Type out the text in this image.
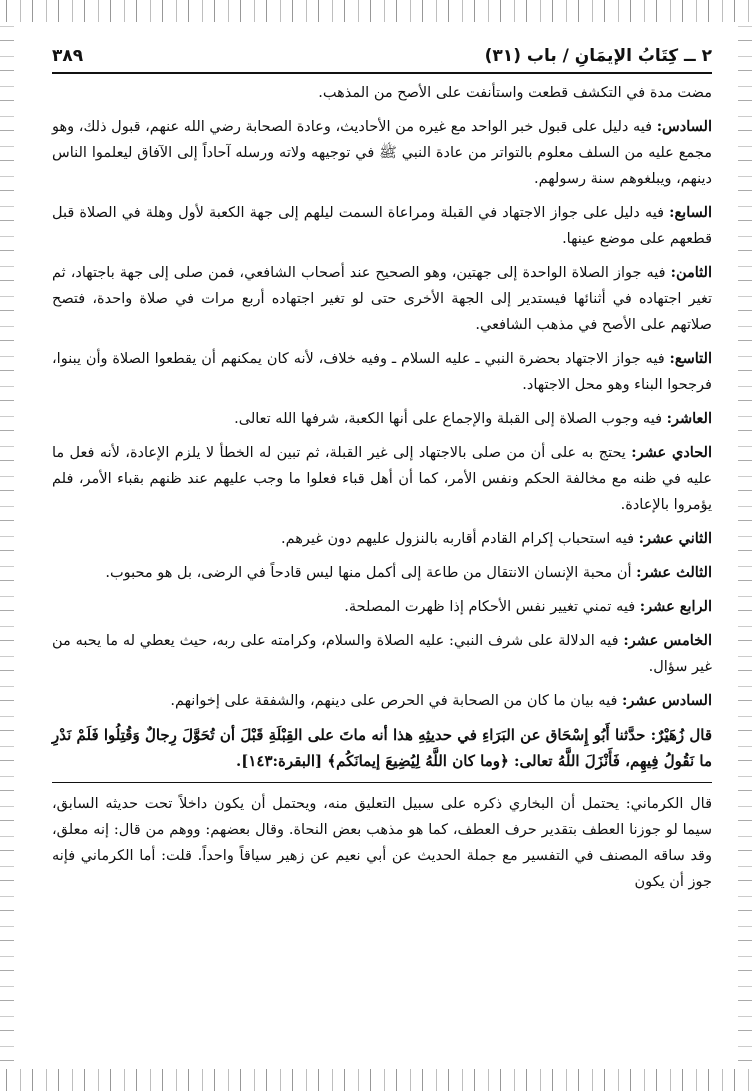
٢ ــ كِتَابُ الإيمَانِ / باب (٣١)
٣٨٩

مضت مدة في التكشف قطعت واستأنفت على الأصح من المذهب.

السادس: فيه دليل على قبول خبر الواحد مع غيره من الأحاديث، وعادة الصحابة رضي الله عنهم، قبول ذلك، وهو مجمع عليه من السلف معلوم بالتواتر من عادة النبي ﷺ في توجيهه ولاته ورسله آحاداً إلى الآفاق ليعلموا الناس دينهم، ويبلغوهم سنة رسولهم.

السابع: فيه دليل على جواز الاجتهاد في القبلة ومراعاة السمت ليلهم إلى جهة الكعبة لأول وهلة في الصلاة قبل قطعهم على موضع عينها.

الثامن: فيه جواز الصلاة الواحدة إلى جهتين، وهو الصحيح عند أصحاب الشافعي، فمن صلى إلى جهة باجتهاد، ثم تغير اجتهاده في أثنائها فيستدير إلى الجهة الأخرى حتى لو تغير اجتهاده أربع مرات في صلاة واحدة، فتصح صلاتهم على الأصح في مذهب الشافعي.

التاسع: فيه جواز الاجتهاد بحضرة النبي ـ عليه السلام ـ وفيه خلاف، لأنه كان يمكنهم أن يقطعوا الصلاة وأن يبنوا، فرجحوا البناء وهو محل الاجتهاد.

العاشر: فيه وجوب الصلاة إلى القبلة والإجماع على أنها الكعبة، شرفها الله تعالى.

الحادي عشر: يحتج به على أن من صلى بالاجتهاد إلى غير القبلة، ثم تبين له الخطأ لا يلزم الإعادة، لأنه فعل ما عليه في ظنه مع مخالفة الحكم ونفس الأمر، كما أن أهل قباء فعلوا ما وجب عليهم عند ظنهم بقباء الأمر، فلم يؤمروا بالإعادة.

الثاني عشر: فيه استحباب إكرام القادم أقاربه بالنزول عليهم دون غيرهم.

الثالث عشر: أن محبة الإنسان الانتقال من طاعة إلى أكمل منها ليس قادحاً في الرضى، بل هو محبوب.

الرابع عشر: فيه تمني تغيير نفس الأحكام إذا ظهرت المصلحة.

الخامس عشر: فيه الدلالة على شرف النبي: عليه الصلاة والسلام، وكرامته على ربه، حيث يعطي له ما يحبه من غير سؤال.

السادس عشر: فيه بيان ما كان من الصحابة في الحرص على دينهم، والشفقة على إخوانهم.

قال زُهَيْرٌ: حدَّثنا أَبُو إِسْحَاق عن البَرَاءِ في حديثِهِ هذا أنه ماتَ على القِبْلَةِ قَبْلَ أن تُحَوَّلَ رِجالٌ وَقُتِلُوا فَلَمْ نَدْرِ ما نَقُولُ فِيهِم، فَأَنْزَلَ اللَّهُ تعالى: ﴿وما كان اللَّهُ لِيُضِيعَ إيمانَكُم﴾ [البقرة:١٤٣].

قال الكرماني: يحتمل أن البخاري ذكره على سبيل التعليق منه، ويحتمل أن يكون داخلاً تحت حديثه السابق، سيما لو جوزنا العطف بتقدير حرف العطف، كما هو مذهب بعض النحاة. وقال بعضهم: ووهم من قال: إنه معلق، وقد ساقه المصنف في التفسير مع جملة الحديث عن أبي نعيم عن زهير سياقاً واحداً. قلت: أما الكرماني فإنه جوز أن يكون
